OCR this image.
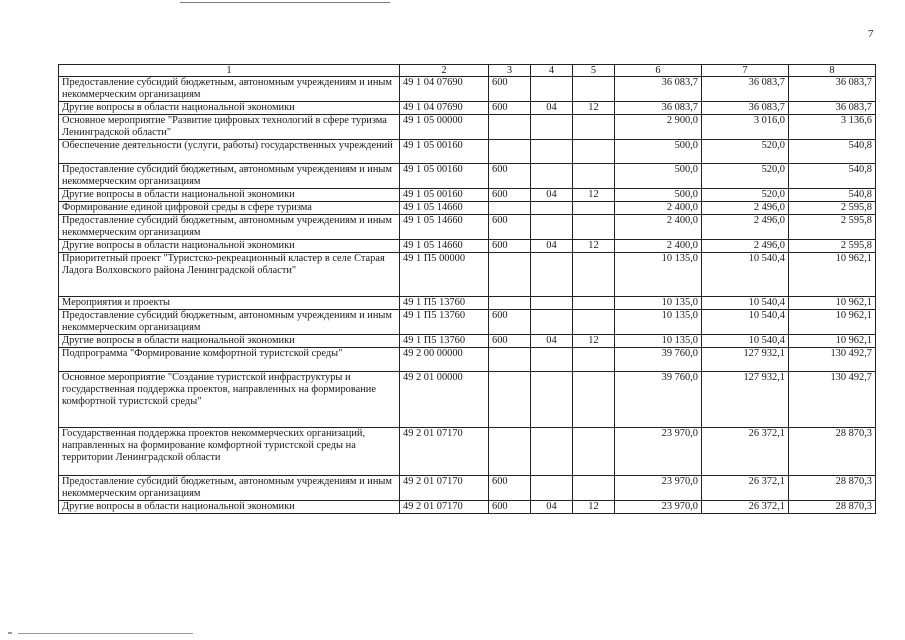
7
1	2	3	4	5	6	7	8
Предоставление субсидий бюджетным, автономным учреждениям и иным некоммерческим организациям	49 1 04 07690	600			36 083,7	36 083,7	36 083,7
Другие вопросы в области национальной экономики	49 1 04 07690	600	04	12	36 083,7	36 083,7	36 083,7
Основное мероприятие "Развитие цифровых технологий в сфере туризма Ленинградской области"	49 1 05 00000				2 900,0	3 016,0	3 136,6
Обеспечение деятельности (услуги, работы) государственных учреждений	49 1 05 00160				500,0	520,0	540,8
Предоставление субсидий бюджетным, автономным учреждениям и иным некоммерческим организациям	49 1 05 00160	600			500,0	520,0	540,8
Другие вопросы в области национальной экономики	49 1 05 00160	600	04	12	500,0	520,0	540,8
Формирование единой цифровой среды в сфере туризма	49 1 05 14660				2 400,0	2 496,0	2 595,8
Предоставление субсидий бюджетным, автономным учреждениям и иным некоммерческим организациям	49 1 05 14660	600			2 400,0	2 496,0	2 595,8
Другие вопросы в области национальной экономики	49 1 05 14660	600	04	12	2 400,0	2 496,0	2 595,8
Приоритетный проект "Туристско-рекреационный кластер в селе Старая Ладога Волховского района Ленинградской области"	49 1 П5 00000				10 135,0	10 540,4	10 962,1
Мероприятия и проекты	49 1 П5 13760				10 135,0	10 540,4	10 962,1
Предоставление субсидий бюджетным, автономным учреждениям и иным некоммерческим организациям	49 1 П5 13760	600			10 135,0	10 540,4	10 962,1
Другие вопросы в области национальной экономики	49 1 П5 13760	600	04	12	10 135,0	10 540,4	10 962,1
Подпрограмма "Формирование комфортной туристской среды"	49 2 00 00000				39 760,0	127 932,1	130 492,7
Основное мероприятие "Создание туристской инфраструктуры и государственная поддержка проектов, направленных на формирование комфортной туристской среды"	49 2 01 00000				39 760,0	127 932,1	130 492,7
Государственная поддержка проектов некоммерческих организаций, направленных на формирование комфортной туристской среды на территории Ленинградской области	49 2 01 07170				23 970,0	26 372,1	28 870,3
Предоставление субсидий бюджетным, автономным учреждениям и иным некоммерческим организациям	49 2 01 07170	600			23 970,0	26 372,1	28 870,3
Другие вопросы в области национальной экономики	49 2 01 07170	600	04	12	23 970,0	26 372,1	28 870,3
